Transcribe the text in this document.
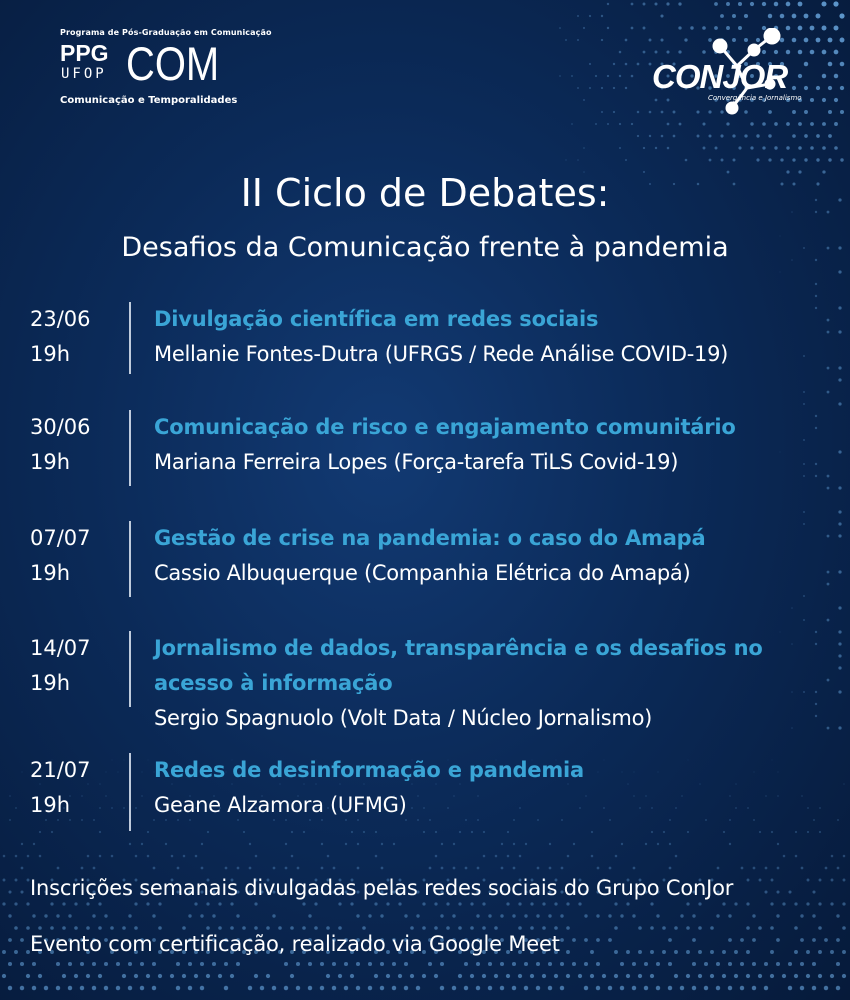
Programa de Pós-Graduação em Comunicação
PPG
UFOP COM
Comunicação e Temporalidades
CONJOR
Convergência e Jornalismo
II Ciclo de Debates:
Desafios da Comunicação frente à pandemia
23/06
19h
Divulgação científica em redes sociais
Mellanie Fontes-Dutra (UFRGS / Rede Análise COVID-19)
30/06
19h
Comunicação de risco e engajamento comunitário
Mariana Ferreira Lopes (Força-tarefa TiLS Covid-19)
07/07
19h
Gestão de crise na pandemia: o caso do Amapá
Cassio Albuquerque (Companhia Elétrica do Amapá)
14/07
19h
Jornalismo de dados, transparência e os desafios no acesso à informação
Sergio Spagnuolo (Volt Data / Núcleo Jornalismo)
21/07
19h
Redes de desinformação e pandemia
Geane Alzamora (UFMG)
Inscrições semanais divulgadas pelas redes sociais do Grupo ConJor
Evento com certificação, realizado via Google Meet
